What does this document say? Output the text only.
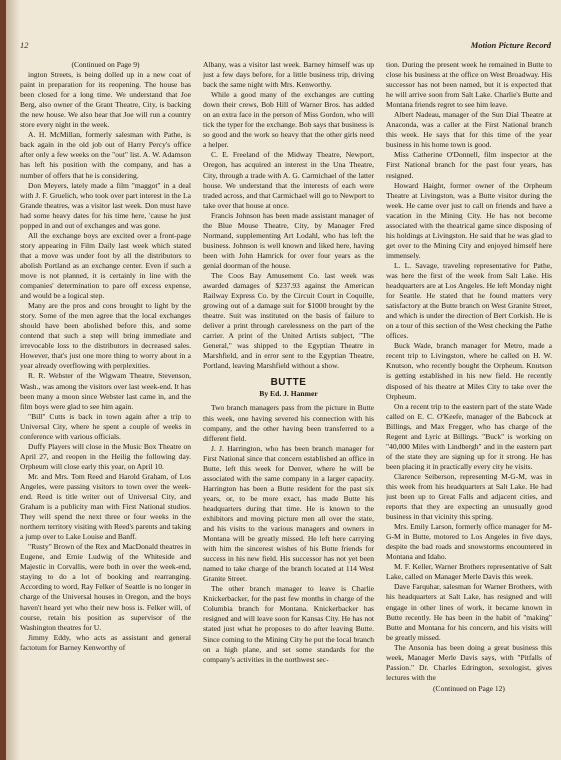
12	Motion Picture Record

(Continued on Page 9)

ington Streets, is being dolled up in a new coat of paint in preparation for its reopening. The house has been closed for a long time. We understand that Joe Berg, also owner of the Grant Theatre, City, is backing the new house. We also hear that Joe will run a country store every night in the week.

A. H. McMillan, formerly salesman with Pathe, is back again in the old job out of Harry Percy's office after only a few weeks on the "out" list. A. W. Adamson has left his position with the company, and has a number of offers that he is considering.

Don Meyers, lately made a film "maggot" in a deal with J. F. Gruelich, who took over part interest in the La Grande theatres, was a visitor last week. Don must have had some heavy dates for his time here, 'cause he just popped in and out of exchanges and was gone.

All the exchange boys are excited over a front-page story appearing in Film Daily last week which stated that a move was under foot by all the distributors to abolish Portland as an exchange center. Even if such a move is not planned, it is certainly in line with the companies' determination to pare off excess expense, and would be a logical step.

Many are the pros and cons brought to light by the story. Some of the men agree that the local exchanges should have been abolished before this, and some contend that such a step will bring immediate and irrevocable loss to the distributors in decreased sales. However, that's just one more thing to worry about in a year already overflowing with perplexities.

R. R. Webster of the Wigwam Theatre, Stevenson, Wash., was among the visitors over last week-end. It has been many a moon since Webster last came in, and the film boys were glad to see him again.

"Bill" Cutts is back in town again after a trip to Universal City, where he spent a couple of weeks in conference with various officials.

Duffy Players will close in the Music Box Theatre on April 27, and reopen in the Heilig the following day. Orpheum will close early this year, on April 10.

Mr. and Mrs. Tom Reed and Harold Graham, of Los Angeles, were passing visitors to town over the week-end. Reed is title writer out of Universal City, and Graham is a publicity man with First National studios. They will spend the next three or four weeks in the northern territory visiting with Reed's parents and taking a jump over to Lake Louise and Banff.

"Rusty" Brown of the Rex and MacDonald theatres in Eugene, and Ernie Ludwig of the Whiteside and Majestic in Corvallis, were both in over the week-end, staying to do a lot of booking and rearranging. According to word, Ray Felker of Seattle is no longer in charge of the Universal houses in Oregon, and the boys haven't heard yet who their new boss is. Felker will, of course, retain his position as supervisor of the Washington theatres for U.

Jimmy Eddy, who acts as assistant and general factotum for Barney Kenworthy of

Albany, was a visitor last week. Barney himself was up just a few days before, for a little business trip, driving back the same night with Mrs. Kenworthy.

While a good many of the exchanges are cutting down their crews, Bob Hill of Warner Bros. has added on an extra face in the person of Miss Gordon, who will tick the typer for the exchange. Bob says that business is so good and the work so heavy that the other girls need a helper.

C. E. Freeland of the Midway Theatre, Newport, Oregon, has acquired an interest in the Una Theatre, City, through a trade with A. G. Carmichael of the latter house. We understand that the interests of each were traded across, and that Carmichael will go to Newport to take over that house at once.

Francis Johnson has been made assistant manager of the Blue Mouse Theatre, City, by Manager Fred Normand, supplementing Art Lodahl, who has left the business. Johnson is well known and liked here, having been with John Hamrick for over four years as the genial doorman of the house.

The Coos Bay Amusement Co. last week was awarded damages of $237.93 against the American Railway Express Co. by the Circuit Court in Coquille, growing out of a damage suit for $1000 brought by the theatre. Suit was instituted on the basis of failure to deliver a print through carelessness on the part of the carrier. A print of the United Artists subject, "The General," was shipped to the Egyptian Theatre in Marshfield, and in error sent to the Egyptian Theatre, Portland, leaving Marshfield without a show.

BUTTE
By Ed. J. Hanmer

Two branch managers pass from the picture in Butte this week, one having severed his connection with his company, and the other having been transferred to a different field.

J. J. Harrington, who has been branch manager for First National since that concern established an office in Butte, left this week for Denver, where he will be associated with the same company in a larger capacity. Harrington has been a Butte resident for the past six years, or, to be more exact, has made Butte his headquarters during that time. He is known to the exhibitors and moving picture men all over the state, and his visits to the various managers and owners in Montana will be greatly missed. He left here carrying with him the sincerest wishes of his Butte friends for success in his new field. His successor has not yet been named to take charge of the branch located at 114 West Granite Street.

The other branch manager to leave is Charlie Knickerbacker, for the past few months in charge of the Columbia branch for Montana. Knickerbacker has resigned and will leave soon for Kansas City. He has not stated just what he proposes to do after leaving Butte. Since coming to the Mining City he put the local branch on a high plane, and set some standards for the company's activities in the northwest sec-

tion. During the present week he remained in Butte to close his business at the office on West Broadway. His successor has not been named, but it is expected that he will arrive soon from Salt Lake. Charlie's Butte and Montana friends regret to see him leave.

Albert Nadeau, manager of the Sun Dial Theatre at Anaconda, was a caller at the First National branch this week. He says that for this time of the year business in his home town is good.

Miss Catherine O'Donnell, film inspector at the First National branch for the past four years, has resigned.

Howard Haight, former owner of the Orpheum Theatre at Livingston, was a Butte visitor during the week. He came over just to call on friends and have a vacation in the Mining City. He has not become associated with the theatrical game since disposing of his holdings at Livingston. He said that he was glad to get over to the Mining City and enjoyed himself here immensely.

L. L. Savage, traveling representative for Pathe, was here the first of the week from Salt Lake. His headquarters are at Los Angeles. He left Monday night for Seattle. He stated that he found matters very satisfactory at the Butte branch on West Granite Street, and which is under the direction of Bert Corkish. He is on a tour of this section of the West checking the Pathe offices.

Buck Wade, branch manager for Metro, made a recent trip to Livingston, where he called on H. W. Knutson, who recently bought the Orpheum. Knutson is getting established in his new field. He recently disposed of his theatre at Miles City to take over the Orpheum.

On a recent trip to the eastern part of the state Wade called on E. C. O'Keefe, manager of the Babcock at Billings, and Max Fregger, who has charge of the Regent and Lyric at Billings. "Buck" is working on "40,000 Miles with Lindbergh" and in the eastern part of the state they are signing up for it strong. He has been placing it in practically every city he visits.

Clarence Seiberson, representing M-G-M, was in this week from his headquarters at Salt Lake. He had just been up to Great Falls and adjacent cities, and reports that they are expecting an unusually good business in that vicinity this spring.

Mrs. Emily Larson, formerly office manager for M-G-M in Butte, motored to Los Angeles in five days, despite the bad roads and snowstorms encountered in Montana and Idaho.

M. F. Keller, Warner Brothers representative of Salt Lake, called on Manager Merle Davis this week.

Dave Farquhar, salesman for Warner Brothers, with his headquarters at Salt Lake, has resigned and will engage in other lines of work, it became known in Butte recently. He has been in the habit of "making" Butte and Montana for his concern, and his visits will be greatly missed.

The Ansonia has been doing a great business this week, Manager Merle Davis says, with "Pitfalls of Passion." Dr. Charles Edrington, sexologist, gives lectures with the

(Continued on Page 12)
